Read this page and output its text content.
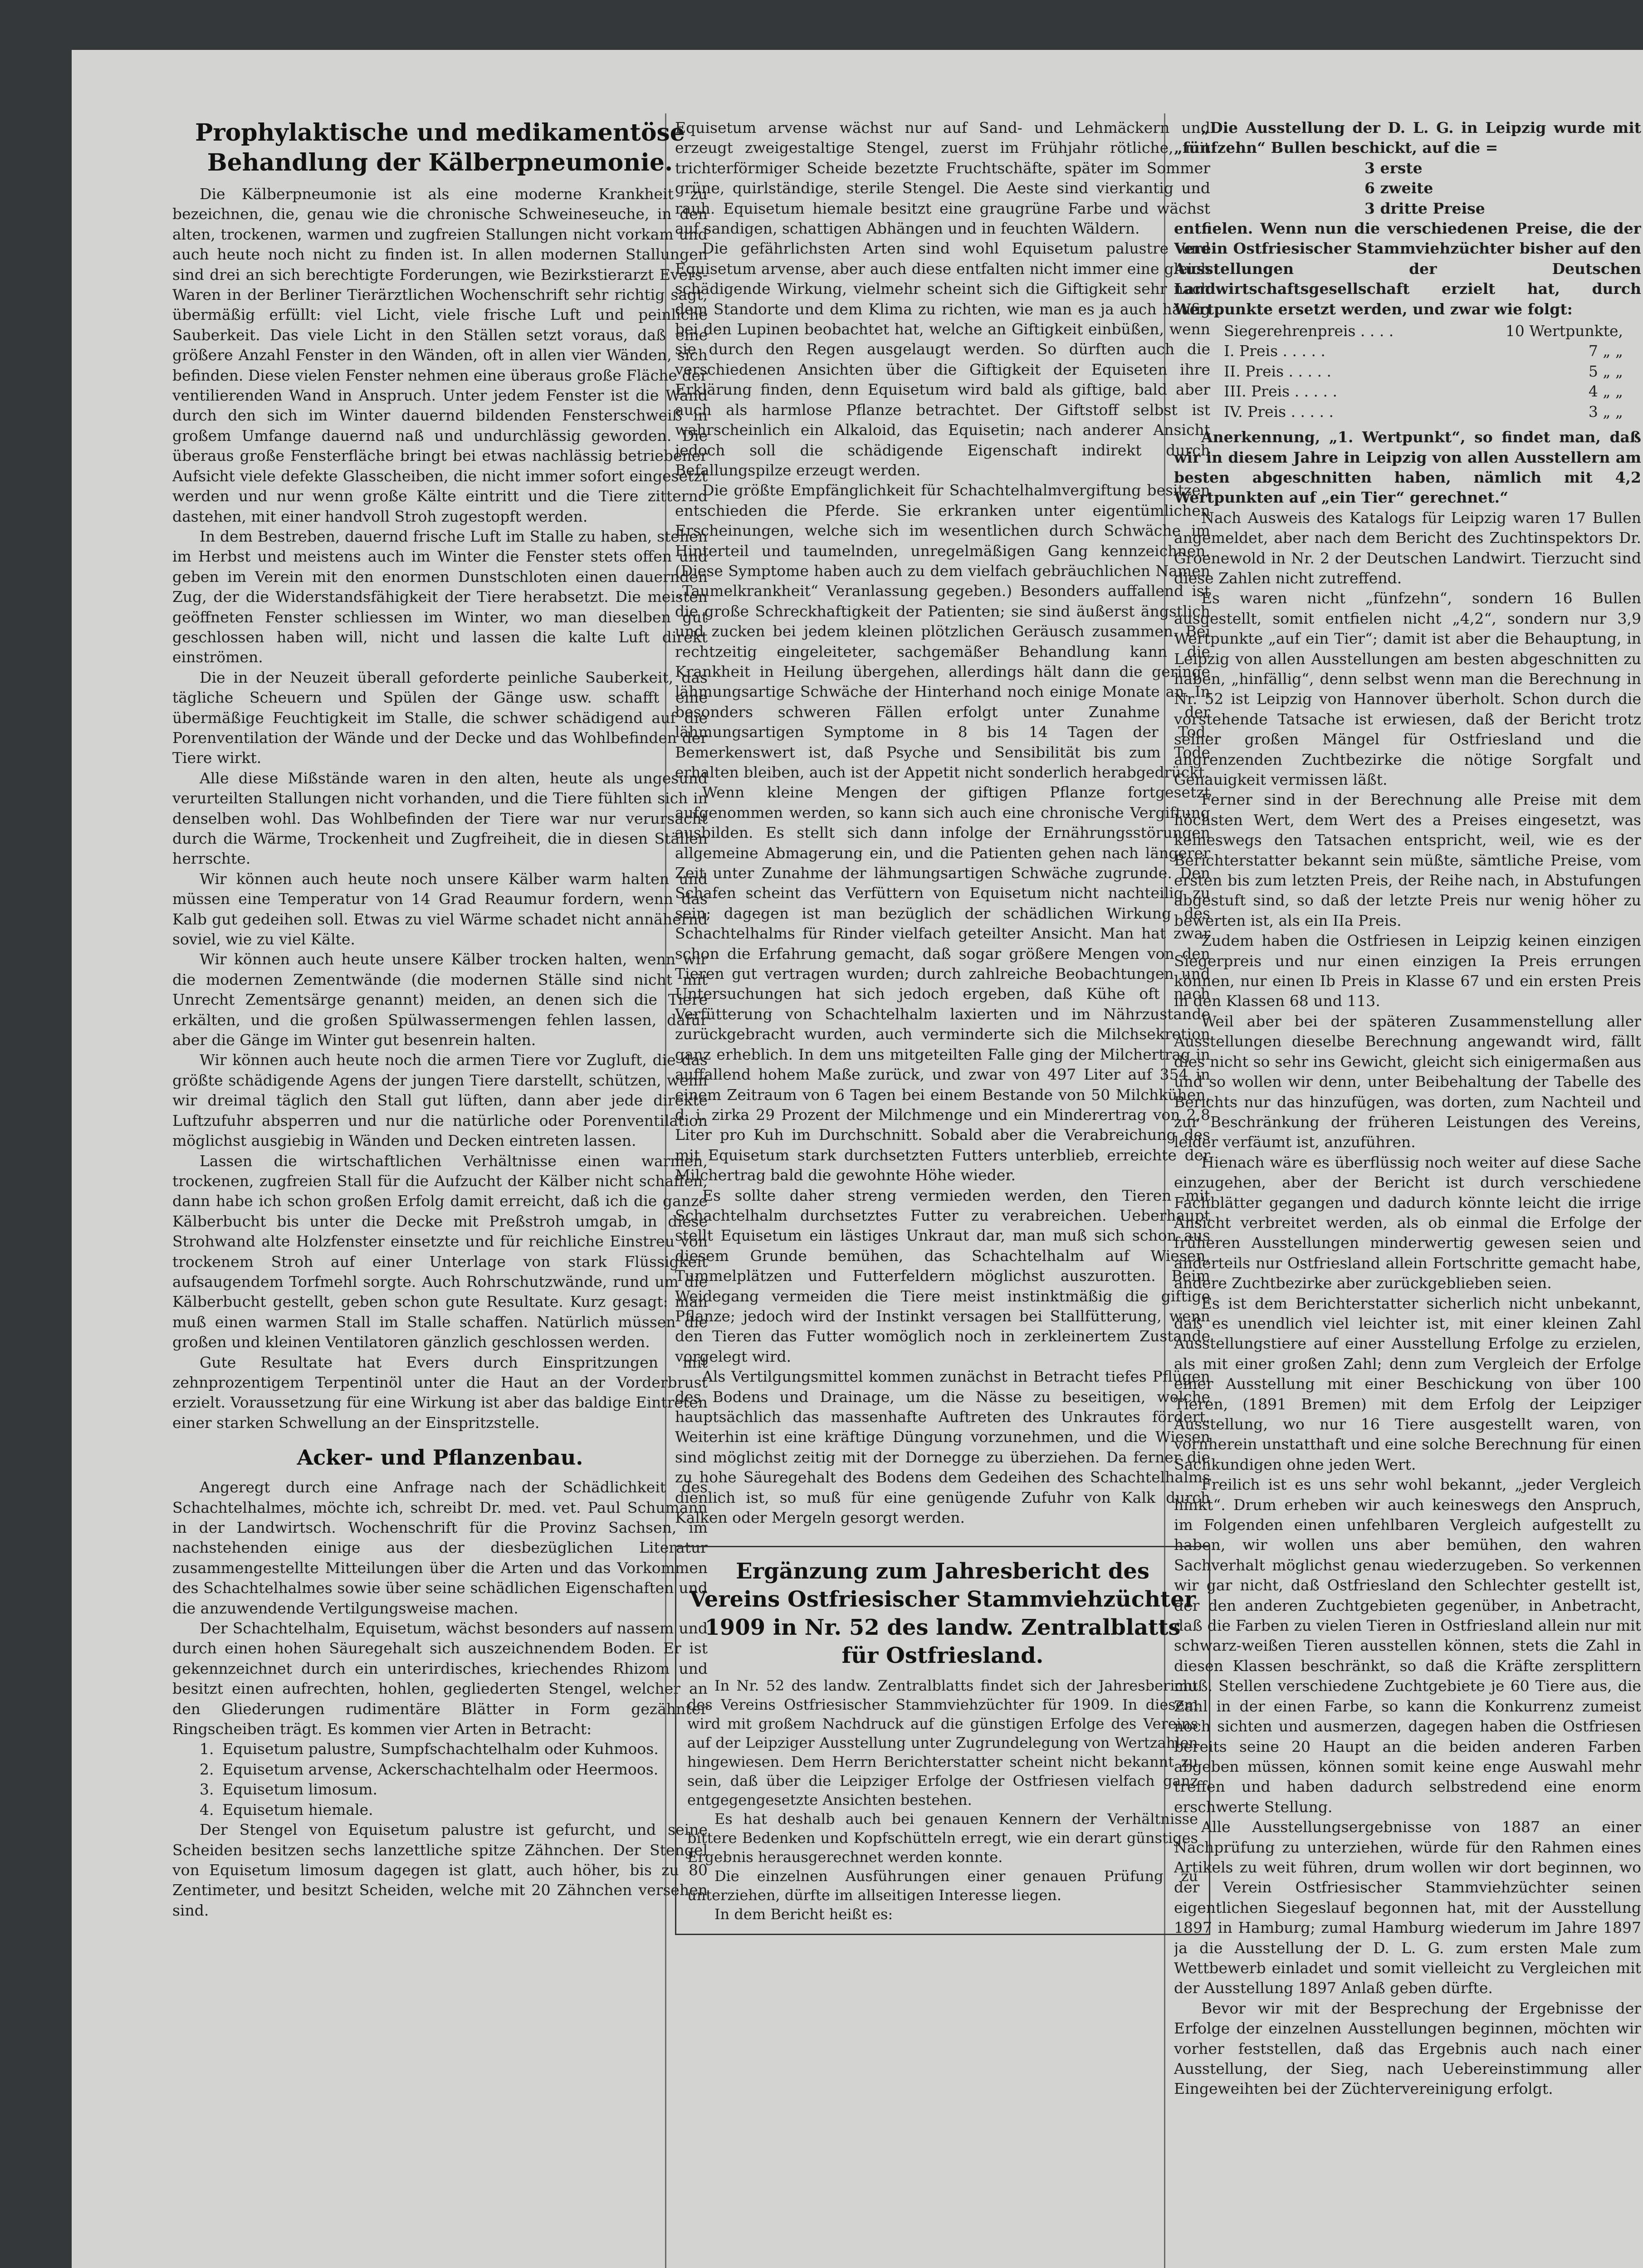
Prophylaktische und medikamentöse Behandlung der Kälberpneumonie.

Die Kälberpneumonie ist als eine moderne Krankheit zu bezeichnen, die, genau wie die chronische Schweineseuche, in den alten, trockenen, warmen und zugfreien Stallungen nicht vorkam und auch heute noch nicht zu finden ist. In allen modernen Stallungen sind drei an sich berechtigte Forderungen, wie Bezirkstierarzt Evers-Waren in der Berliner Tierärztlichen Wochenschrift sehr richtig sagt, übermäßig erfüllt: viel Licht, viele frische Luft und peinliche Sauberkeit. Das viele Licht in den Ställen setzt voraus, daß eine größere Anzahl Fenster in den Wänden, oft in allen vier Wänden, sich befinden. Diese vielen Fenster nehmen eine überaus große Fläche der ventilierenden Wand in Anspruch. Unter jedem Fenster ist die Wand durch den sich im Winter dauernd bildenden Fensterschweiß in großem Umfange dauernd naß und undurchlässig geworden. Die überaus große Fensterfläche bringt bei etwas nachlässig betriebener Aufsicht viele defekte Glasscheiben, die nicht immer sofort eingesetzt werden und nur wenn große Kälte eintritt und die Tiere zitternd dastehen, mit einer handvoll Stroh zugestopft werden.

In dem Bestreben, dauernd frische Luft im Stalle zu haben, stehen im Herbst und meistens auch im Winter die Fenster stets offen und geben im Verein mit den enormen Dunstschloten einen dauernden Zug, der die Widerstandsfähigkeit der Tiere herabsetzt. Die meisten geöffneten Fenster schliessen im Winter, wo man dieselben gut geschlossen haben will, nicht und lassen die kalte Luft direkt einströmen.

Die in der Neuzeit überall geforderte peinliche Sauberkeit, das tägliche Scheuern und Spülen der Gänge usw. schafft eine übermäßige Feuchtigkeit im Stalle, die schwer schädigend auf die Porenventilation der Wände und der Decke und das Wohlbefinden der Tiere wirkt.

Alle diese Mißstände waren in den alten, heute als ungesund verurteilten Stallungen nicht vorhanden, und die Tiere fühlten sich in denselben wohl. Das Wohlbefinden der Tiere war nur verursacht durch die Wärme, Trockenheit und Zugfreiheit, die in diesen Ställen herrschte.

Wir können auch heute noch unsere Kälber warm halten und müssen eine Temperatur von 14 Grad Reaumur fordern, wenn das Kalb gut gedeihen soll. Etwas zu viel Wärme schadet nicht annähernd soviel, wie zu viel Kälte.

Wir können auch heute unsere Kälber trocken halten, wenn wir die modernen Zementwände (die modernen Ställe sind nicht mit Unrecht Zementsärge genannt) meiden, an denen sich die Tiere erkälten, und die großen Spülwassermengen fehlen lassen, dafür aber die Gänge im Winter gut besenrein halten.

Wir können auch heute noch die armen Tiere vor Zugluft, die das größte schädigende Agens der jungen Tiere darstellt, schützen, wenn wir dreimal täglich den Stall gut lüften, dann aber jede direkte Luftzufuhr absperren und nur die natürliche oder Porenventilation möglichst ausgiebig in Wänden und Decken eintreten lassen.

Lassen die wirtschaftlichen Verhältnisse einen warmen, trockenen, zugfreien Stall für die Aufzucht der Kälber nicht schaffen, dann habe ich schon großen Erfolg damit erreicht, daß ich die ganze Kälberbucht bis unter die Decke mit Preßstroh umgab, in diese Strohwand alte Holzfenster einsetzte und für reichliche Einstreu von trockenem Stroh auf einer Unterlage von stark Flüssigkeit aufsaugendem Torfmehl sorgte. Auch Rohrschutzwände, rund um die Kälberbucht gestellt, geben schon gute Resultate. Kurz gesagt: man muß einen warmen Stall im Stalle schaffen. Natürlich müssen die großen und kleinen Ventilatoren gänzlich geschlossen werden.

Gute Resultate hat Evers durch Einspritzungen mit zehnprozentigem Terpentinöl unter die Haut an der Vorderbrust erzielt. Voraussetzung für eine Wirkung ist aber das baldige Eintreten einer starken Schwellung an der Einspritzstelle.

Acker- und Pflanzenbau.

Angeregt durch eine Anfrage nach der Schädlichkeit des Schachtelhalmes, möchte ich, schreibt Dr. med. vet. Paul Schumann in der Landwirtsch. Wochenschrift für die Provinz Sachsen, im nachstehenden einige aus der diesbezüglichen Literatur zusammengestellte Mitteilungen über die Arten und das Vorkommen des Schachtelhalmes sowie über seine schädlichen Eigenschaften und die anzuwendende Vertilgungsweise machen.

Der Schachtelhalm, Equisetum, wächst besonders auf nassem und durch einen hohen Säuregehalt sich auszeichnendem Boden. Er ist gekennzeichnet durch ein unterirdisches, kriechendes Rhizom und besitzt einen aufrechten, hohlen, gegliederten Stengel, welcher an den Gliederungen rudimentäre Blätter in Form gezähnter Ringscheiben trägt. Es kommen vier Arten in Betracht:

1. Equisetum palustre, Sumpfschachtelhalm oder Kuhmoos.

2. Equisetum arvense, Ackerschachtelhalm oder Heermoos.

3. Equisetum limosum.

4. Equisetum hiemale.

Der Stengel von Equisetum palustre ist gefurcht, und seine Scheiden besitzen sechs lanzettliche spitze Zähnchen. Der Stengel von Equisetum limosum dagegen ist glatt, auch höher, bis zu 80 Zentimeter, und besitzt Scheiden, welche mit 20 Zähnchen versehen sind.

Equisetum arvense wächst nur auf Sand- und Lehmäckern und erzeugt zweigestaltige Stengel, zuerst im Frühjahr rötliche, mit trichterförmiger Scheide bezetzte Fruchtschäfte, später im Sommer grüne, quirlständige, sterile Stengel. Die Aeste sind vierkantig und rauh. Equisetum hiemale besitzt eine graugrüne Farbe und wächst auf sandigen, schattigen Abhängen und in feuchten Wäldern.

Die gefährlichsten Arten sind wohl Equisetum palustre und Equisetum arvense, aber auch diese entfalten nicht immer eine gleich schädigende Wirkung, vielmehr scheint sich die Giftigkeit sehr nach dem Standorte und dem Klima zu richten, wie man es ja auch häufig bei den Lupinen beobachtet hat, welche an Giftigkeit einbüßen, wenn sie durch den Regen ausgelaugt werden. So dürften auch die verschiedenen Ansichten über die Giftigkeit der Equiseten ihre Erklärung finden, denn Equisetum wird bald als giftige, bald aber auch als harmlose Pflanze betrachtet. Der Giftstoff selbst ist wahrscheinlich ein Alkaloid, das Equisetin; nach anderer Ansicht jedoch soll die schädigende Eigenschaft indirekt durch Befallungspilze erzeugt werden.

Die größte Empfänglichkeit für Schachtelhalmvergiftung besitzen entschieden die Pferde. Sie erkranken unter eigentümlichen Erscheinungen, welche sich im wesentlichen durch Schwäche im Hinterteil und taumelnden, unregelmäßigen Gang kennzeichnen. (Diese Symptome haben auch zu dem vielfach gebräuchlichen Namen „Taumelkrankheit“ Veranlassung gegeben.) Besonders auffallend ist die große Schreckhaftigkeit der Patienten; sie sind äußerst ängstlich und zucken bei jedem kleinen plötzlichen Geräusch zusammen. Bei rechtzeitig eingeleiteter, sachgemäßer Behandlung kann die Krankheit in Heilung übergehen, allerdings hält dann die geringe lähmungsartige Schwäche der Hinterhand noch einige Monate an. In besonders schweren Fällen erfolgt unter Zunahme der lähmungsartigen Symptome in 8 bis 14 Tagen der Tod. Bemerkenswert ist, daß Psyche und Sensibilität bis zum Tode erhalten bleiben, auch ist der Appetit nicht sonderlich herabgedrückt.

Wenn kleine Mengen der giftigen Pflanze fortgesetzt aufgenommen werden, so kann sich auch eine chronische Vergiftung ausbilden. Es stellt sich dann infolge der Ernährungsstörungen allgemeine Abmagerung ein, und die Patienten gehen nach längerer Zeit unter Zunahme der lähmungsartigen Schwäche zugrunde. Den Schafen scheint das Verfüttern von Equisetum nicht nachteilig zu sein; dagegen ist man bezüglich der schädlichen Wirkung des Schachtelhalms für Rinder vielfach geteilter Ansicht. Man hat zwar schon die Erfahrung gemacht, daß sogar größere Mengen von den Tieren gut vertragen wurden; durch zahlreiche Beobachtungen und Untersuchungen hat sich jedoch ergeben, daß Kühe oft nach Verfütterung von Schachtelhalm laxierten und im Nährzustande zurückgebracht wurden, auch verminderte sich die Milchsekretion ganz erheblich. In dem uns mitgeteilten Falle ging der Milchertrag in auffallend hohem Maße zurück, und zwar von 497 Liter auf 354 in einem Zeitraum von 6 Tagen bei einem Bestande von 50 Milchkühen, d. i. zirka 29 Prozent der Milchmenge und ein Minderertrag von 2,8 Liter pro Kuh im Durchschnitt. Sobald aber die Verabreichung des mit Equisetum stark durchsetzten Futters unterblieb, erreichte der Milchertrag bald die gewohnte Höhe wieder.

Es sollte daher streng vermieden werden, den Tieren mit Schachtelhalm durchsetztes Futter zu verabreichen. Ueberhaupt stellt Equisetum ein lästiges Unkraut dar, man muß sich schon aus diesem Grunde bemühen, das Schachtelhalm auf Wiesen, Tummelplätzen und Futterfeldern möglichst auszurotten. Beim Weidegang vermeiden die Tiere meist instinktmäßig die giftige Pflanze; jedoch wird der Instinkt versagen bei Stallfütterung, wenn den Tieren das Futter womöglich noch in zerkleinertem Zustande vorgelegt wird.

Als Vertilgungsmittel kommen zunächst in Betracht tiefes Pflügen des Bodens und Drainage, um die Nässe zu beseitigen, welche hauptsächlich das massenhafte Auftreten des Unkrautes fördert. Weiterhin ist eine kräftige Düngung vorzunehmen, und die Wiesen sind möglichst zeitig mit der Dornegge zu überziehen. Da ferner die zu hohe Säuregehalt des Bodens dem Gedeihen des Schachtelhalms dienlich ist, so muß für eine genügende Zufuhr von Kalk durch Kalken oder Mergeln gesorgt werden.

Ergänzung zum Jahresbericht des Vereins Ostfriesischer Stammviehzüchter 1909 in Nr. 52 des landw. Zentralblatts für Ostfriesland.

In Nr. 52 des landw. Zentralblatts findet sich der Jahresbericht des Vereins Ostfriesischer Stammviehzüchter für 1909. In diesem wird mit großem Nachdruck auf die günstigen Erfolge des Vereins auf der Leipziger Ausstellung unter Zugrundelegung von Wertzahlen hingewiesen. Dem Herrn Berichterstatter scheint nicht bekannt zu sein, daß über die Leipziger Erfolge der Ostfriesen vielfach ganz entgegengesetzte Ansichten bestehen.

Es hat deshalb auch bei genauen Kennern der Verhältnisse bittere Bedenken und Kopfschütteln erregt, wie ein derart günstiges Ergebnis herausgerechnet werden konnte.

Die einzelnen Ausführungen einer genauen Prüfung zu unterziehen, dürfte im allseitigen Interesse liegen.

In dem Bericht heißt es:

„Die Ausstellung der D. L. G. in Leipzig wurde mit „fünfzehn“ Bullen beschickt, auf die =

3 erste
6 zweite
3 dritte Preise

entfielen. Wenn nun die verschiedenen Preise, die der Verein Ostfriesischer Stammviehzüchter bisher auf den Ausstellungen der Deutschen Landwirtschaftsgesellschaft erzielt hat, durch Wertpunkte ersetzt werden, und zwar wie folgt:

Siegerehrenpreis . . . .	10 Wertpunkte,
I. Preis . . . . .	7 „ „
II. Preis . . . . .	5 „ „
III. Preis . . . . .	4 „ „
IV. Preis . . . . .	3 „ „

Anerkennung, „1. Wertpunkt“, so findet man, daß wir in diesem Jahre in Leipzig von allen Ausstellern am besten abgeschnitten haben, nämlich mit 4,2 Wertpunkten auf „ein Tier“ gerechnet.“

Nach Ausweis des Katalogs für Leipzig waren 17 Bullen angemeldet, aber nach dem Bericht des Zuchtinspektors Dr. Groenewold in Nr. 2 der Deutschen Landwirt. Tierzucht sind diese Zahlen nicht zutreffend.

Es waren nicht „fünfzehn“, sondern 16 Bullen ausgestellt, somit entfielen nicht „4,2“, sondern nur 3,9 Wertpunkte „auf ein Tier“; damit ist aber die Behauptung, in Leipzig von allen Ausstellungen am besten abgeschnitten zu haben, „hinfällig“, denn selbst wenn man die Berechnung in Nr. 52 ist Leipzig von Hannover überholt. Schon durch die vorstehende Tatsache ist erwiesen, daß der Bericht trotz seiner großen Mängel für Ostfriesland und die angrenzenden Zuchtbezirke die nötige Sorgfalt und Genauigkeit vermissen läßt.

Ferner sind in der Berechnung alle Preise mit dem höchsten Wert, dem Wert des a Preises eingesetzt, was keineswegs den Tatsachen entspricht, weil, wie es der Berichterstatter bekannt sein müßte, sämtliche Preise, vom ersten bis zum letzten Preis, der Reihe nach, in Abstufungen abgestuft sind, so daß der letzte Preis nur wenig höher zu bewerten ist, als ein IIa Preis.

Zudem haben die Ostfriesen in Leipzig keinen einzigen Siegerpreis und nur einen einzigen Ia Preis errungen können, nur einen Ib Preis in Klasse 67 und ein ersten Preis in den Klassen 68 und 113.

Weil aber bei der späteren Zusammenstellung aller Ausstellungen dieselbe Berechnung angewandt wird, fällt dies nicht so sehr ins Gewicht, gleicht sich einigermaßen aus und so wollen wir denn, unter Beibehaltung der Tabelle des Berichts nur das hinzufügen, was dorten, zum Nachteil und zur Beschränkung der früheren Leistungen des Vereins, leider verfäumt ist, anzuführen.

Hienach wäre es überflüssig noch weiter auf diese Sache einzugehen, aber der Bericht ist durch verschiedene Fachblätter gegangen und dadurch könnte leicht die irrige Ansicht verbreitet werden, als ob einmal die Erfolge der früheren Ausstellungen minderwertig gewesen seien und anderteils nur Ostfriesland allein Fortschritte gemacht habe, andere Zuchtbezirke aber zurückgeblieben seien.

Es ist dem Berichterstatter sicherlich nicht unbekannt, daß es unendlich viel leichter ist, mit einer kleinen Zahl Ausstellungstiere auf einer Ausstellung Erfolge zu erzielen, als mit einer großen Zahl; denn zum Vergleich der Erfolge einer Ausstellung mit einer Beschickung von über 100 Tieren, (1891 Bremen) mit dem Erfolg der Leipziger Ausstellung, wo nur 16 Tiere ausgestellt waren, von vornherein unstatthaft und eine solche Berechnung für einen Sachkundigen ohne jeden Wert.

Freilich ist es uns sehr wohl bekannt, „jeder Vergleich hinkt“. Drum erheben wir auch keineswegs den Anspruch, im Folgenden einen unfehlbaren Vergleich aufgestellt zu haben, wir wollen uns aber bemühen, den wahren Sachverhalt möglichst genau wiederzugeben. So verkennen wir gar nicht, daß Ostfriesland den Schlechter gestellt ist, der den anderen Zuchtgebieten gegenüber, in Anbetracht, daß die Farben zu vielen Tieren in Ostfriesland allein nur mit schwarz-weißen Tieren ausstellen können, stets die Zahl in diesen Klassen beschränkt, so daß die Kräfte zersplittern muß. Stellen verschiedene Zuchtgebiete je 60 Tiere aus, die Zahl in der einen Farbe, so kann die Konkurrenz zumeist noch sichten und ausmerzen, dagegen haben die Ostfriesen bereits seine 20 Haupt an die beiden anderen Farben abgeben müssen, können somit keine enge Auswahl mehr treffen und haben dadurch selbstredend eine enorm erschwerte Stellung.

Alle Ausstellungsergebnisse von 1887 an einer Nachprüfung zu unterziehen, würde für den Rahmen eines Artikels zu weit führen, drum wollen wir dort beginnen, wo der Verein Ostfriesischer Stammviehzüchter seinen eigentlichen Siegeslauf begonnen hat, mit der Ausstellung 1897 in Hamburg; zumal Hamburg wiederum im Jahre 1897 ja die Ausstellung der D. L. G. zum ersten Male zum Wettbewerb einladet und somit vielleicht zu Vergleichen mit der Ausstellung 1897 Anlaß geben dürfte.

Bevor wir mit der Besprechung der Ergebnisse der Erfolge der einzelnen Ausstellungen beginnen, möchten wir vorher feststellen, daß das Ergebnis auch nach einer Ausstellung, der Sieg, nach Uebereinstimmung aller Eingeweihten bei der Züchtervereinigung erfolgt.
